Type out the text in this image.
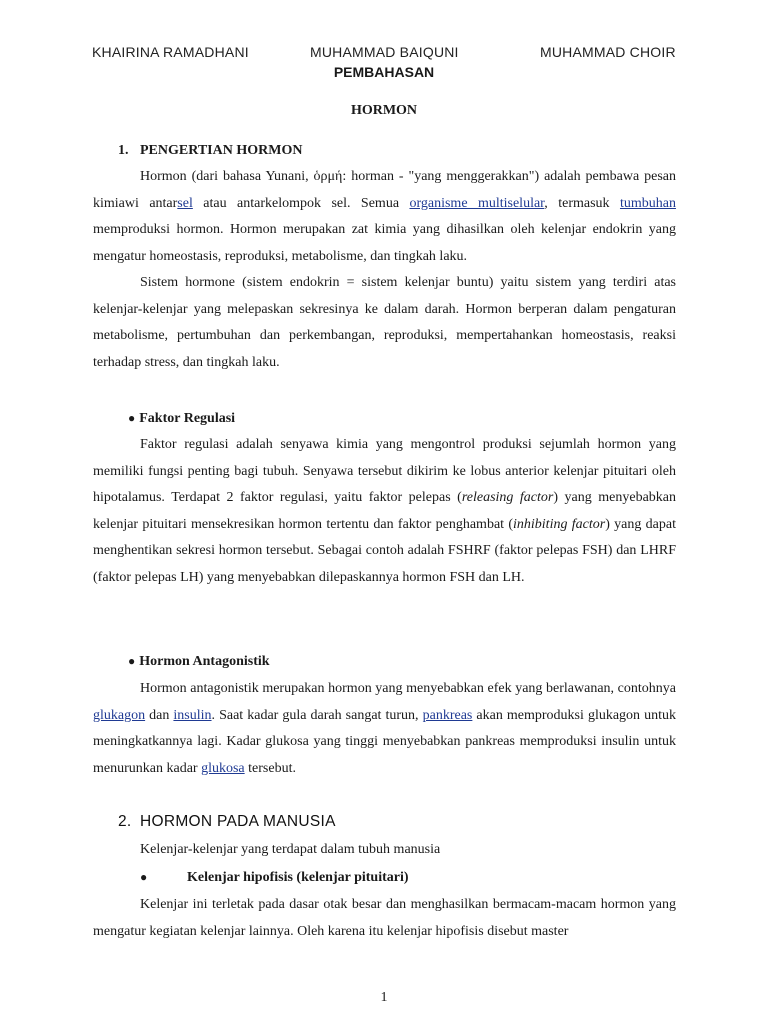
KHAIRINA RAMADHANI	MUHAMMAD BAIQUNI	MUHAMMAD CHOIR
PEMBAHASAN
HORMON
1. PENGERTIAN HORMON

Hormon (dari bahasa Yunani, ὁρμή: horman - "yang menggerakkan") adalah pembawa pesan kimiawi antarsel atau antarkelompok sel. Semua organisme multiselular, termasuk tumbuhan memproduksi hormon. Hormon merupakan zat kimia yang dihasilkan oleh kelenjar endokrin yang mengatur homeostasis, reproduksi, metabolisme, dan tingkah laku.

Sistem hormone (sistem endokrin = sistem kelenjar buntu) yaitu sistem yang terdiri atas kelenjar-kelenjar yang melepaskan sekresinya ke dalam darah. Hormon berperan dalam pengaturan metabolisme, pertumbuhan dan perkembangan, reproduksi, mempertahankan homeostasis, reaksi terhadap stress, dan tingkah laku.

● Faktor Regulasi

Faktor regulasi adalah senyawa kimia yang mengontrol produksi sejumlah hormon yang memiliki fungsi penting bagi tubuh. Senyawa tersebut dikirim ke lobus anterior kelenjar pituitari oleh hipotalamus. Terdapat 2 faktor regulasi, yaitu faktor pelepas (releasing factor) yang menyebabkan kelenjar pituitari mensekresikan hormon tertentu dan faktor penghambat (inhibiting factor) yang dapat menghentikan sekresi hormon tersebut. Sebagai contoh adalah FSHRF (faktor pelepas FSH) dan LHRF (faktor pelepas LH) yang menyebabkan dilepaskannya hormon FSH dan LH.

● Hormon Antagonistik

Hormon antagonistik merupakan hormon yang menyebabkan efek yang berlawanan, contohnya glukagon dan insulin. Saat kadar gula darah sangat turun, pankreas akan memproduksi glukagon untuk meningkatkannya lagi. Kadar glukosa yang tinggi menyebabkan pankreas memproduksi insulin untuk menurunkan kadar glukosa tersebut.

2. HORMON PADA MANUSIA
Kelenjar-kelenjar yang terdapat dalam tubuh manusia
●	Kelenjar hipofisis (kelenjar pituitari)

Kelenjar ini terletak pada dasar otak besar dan menghasilkan bermacam-macam hormon yang mengatur kegiatan kelenjar lainnya. Oleh karena itu kelenjar hipofisis disebut master

1
